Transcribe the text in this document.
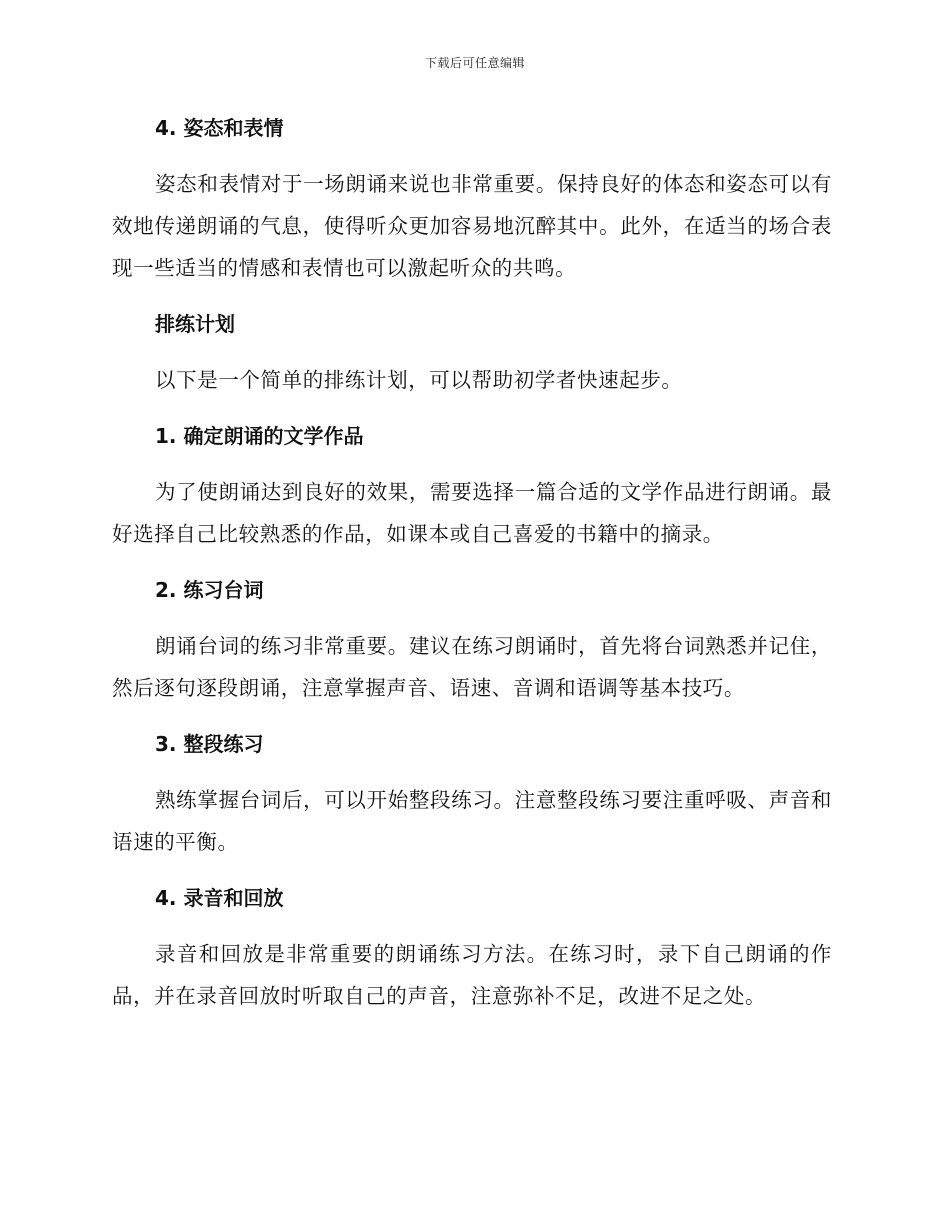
下载后可任意编辑
4. 姿态和表情

姿态和表情对于一场朗诵来说也非常重要。保持良好的体态和姿态可以有效地传递朗诵的气息，使得听众更加容易地沉醉其中。此外，在适当的场合表现一些适当的情感和表情也可以激起听众的共鸣。

排练计划

以下是一个简单的排练计划，可以帮助初学者快速起步。

1. 确定朗诵的文学作品

为了使朗诵达到良好的效果，需要选择一篇合适的文学作品进行朗诵。最好选择自己比较熟悉的作品，如课本或自己喜爱的书籍中的摘录。

2. 练习台词

朗诵台词的练习非常重要。建议在练习朗诵时，首先将台词熟悉并记住，然后逐句逐段朗诵，注意掌握声音、语速、音调和语调等基本技巧。

3. 整段练习

熟练掌握台词后，可以开始整段练习。注意整段练习要注重呼吸、声音和语速的平衡。

4. 录音和回放

录音和回放是非常重要的朗诵练习方法。在练习时，录下自己朗诵的作品，并在录音回放时听取自己的声音，注意弥补不足，改进不足之处。
